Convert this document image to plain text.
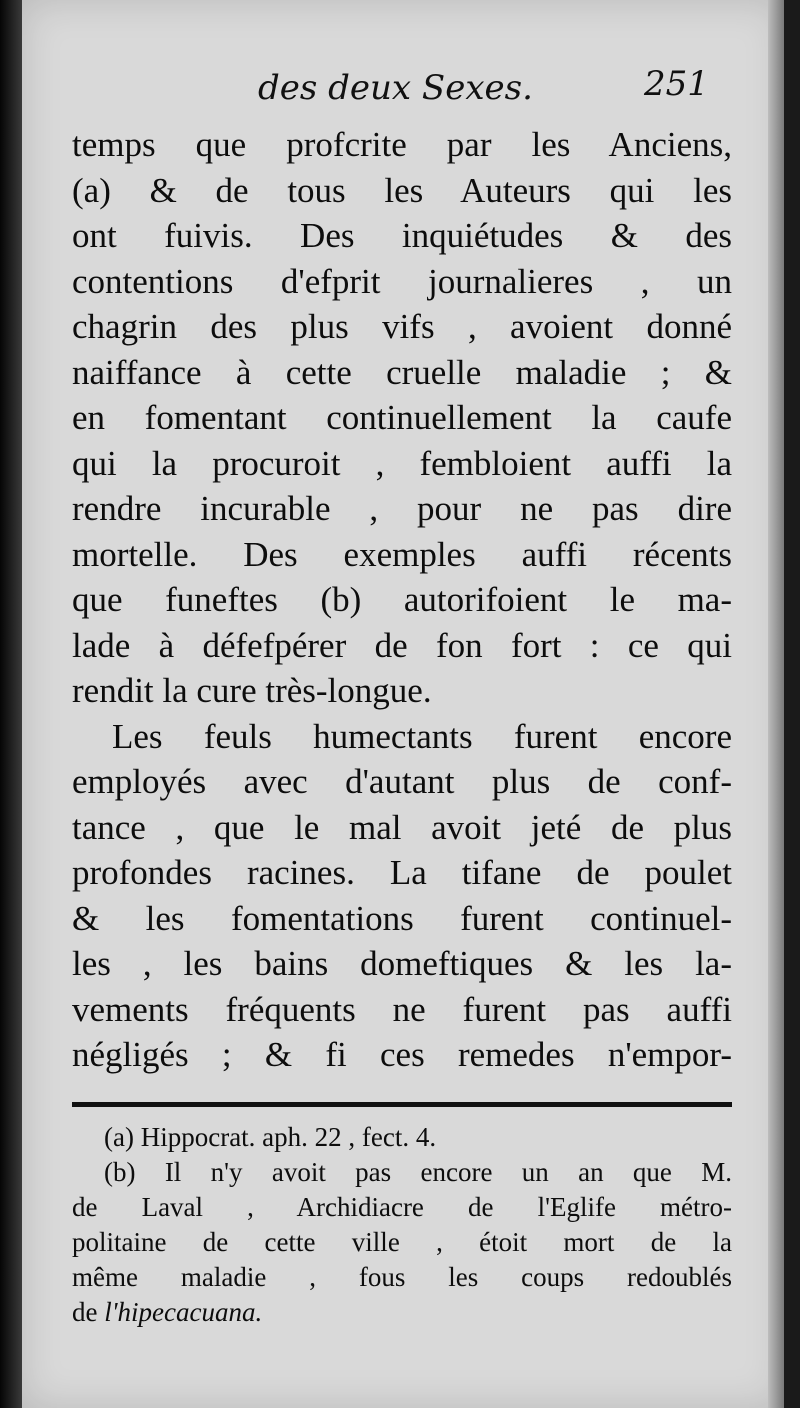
des deux Sexes.	251
temps que profcrite par les Anciens,
(a) & de tous les Auteurs qui les
ont fuivis. Des inquiétudes & des
contentions d'efprit journalieres , un
chagrin des plus vifs , avoient donné
naiffance à cette cruelle maladie ; &
en fomentant continuellement la caufe
qui la procuroit , fembloient auffi la
rendre incurable , pour ne pas dire
mortelle. Des exemples auffi récents
que funeftes (b) autorifoient le ma-
lade à défefpérer de fon fort : ce qui
rendit la cure très-longue.
Les feuls humectants furent encore
employés avec d'autant plus de conf-
tance , que le mal avoit jeté de plus
profondes racines. La tifane de poulet
& les fomentations furent continuel-
les , les bains domeftiques & les la-
vements fréquents ne furent pas auffi
négligés ; & fi ces remedes n'empor-
(a) Hippocrat. aph. 22 , fect. 4.
(b) Il n'y avoit pas encore un an que M.
de Laval , Archidiacre de l'Eglife métro-
politaine de cette ville , étoit mort de la
même maladie , fous les coups redoublés
de l'hipecacuana.
